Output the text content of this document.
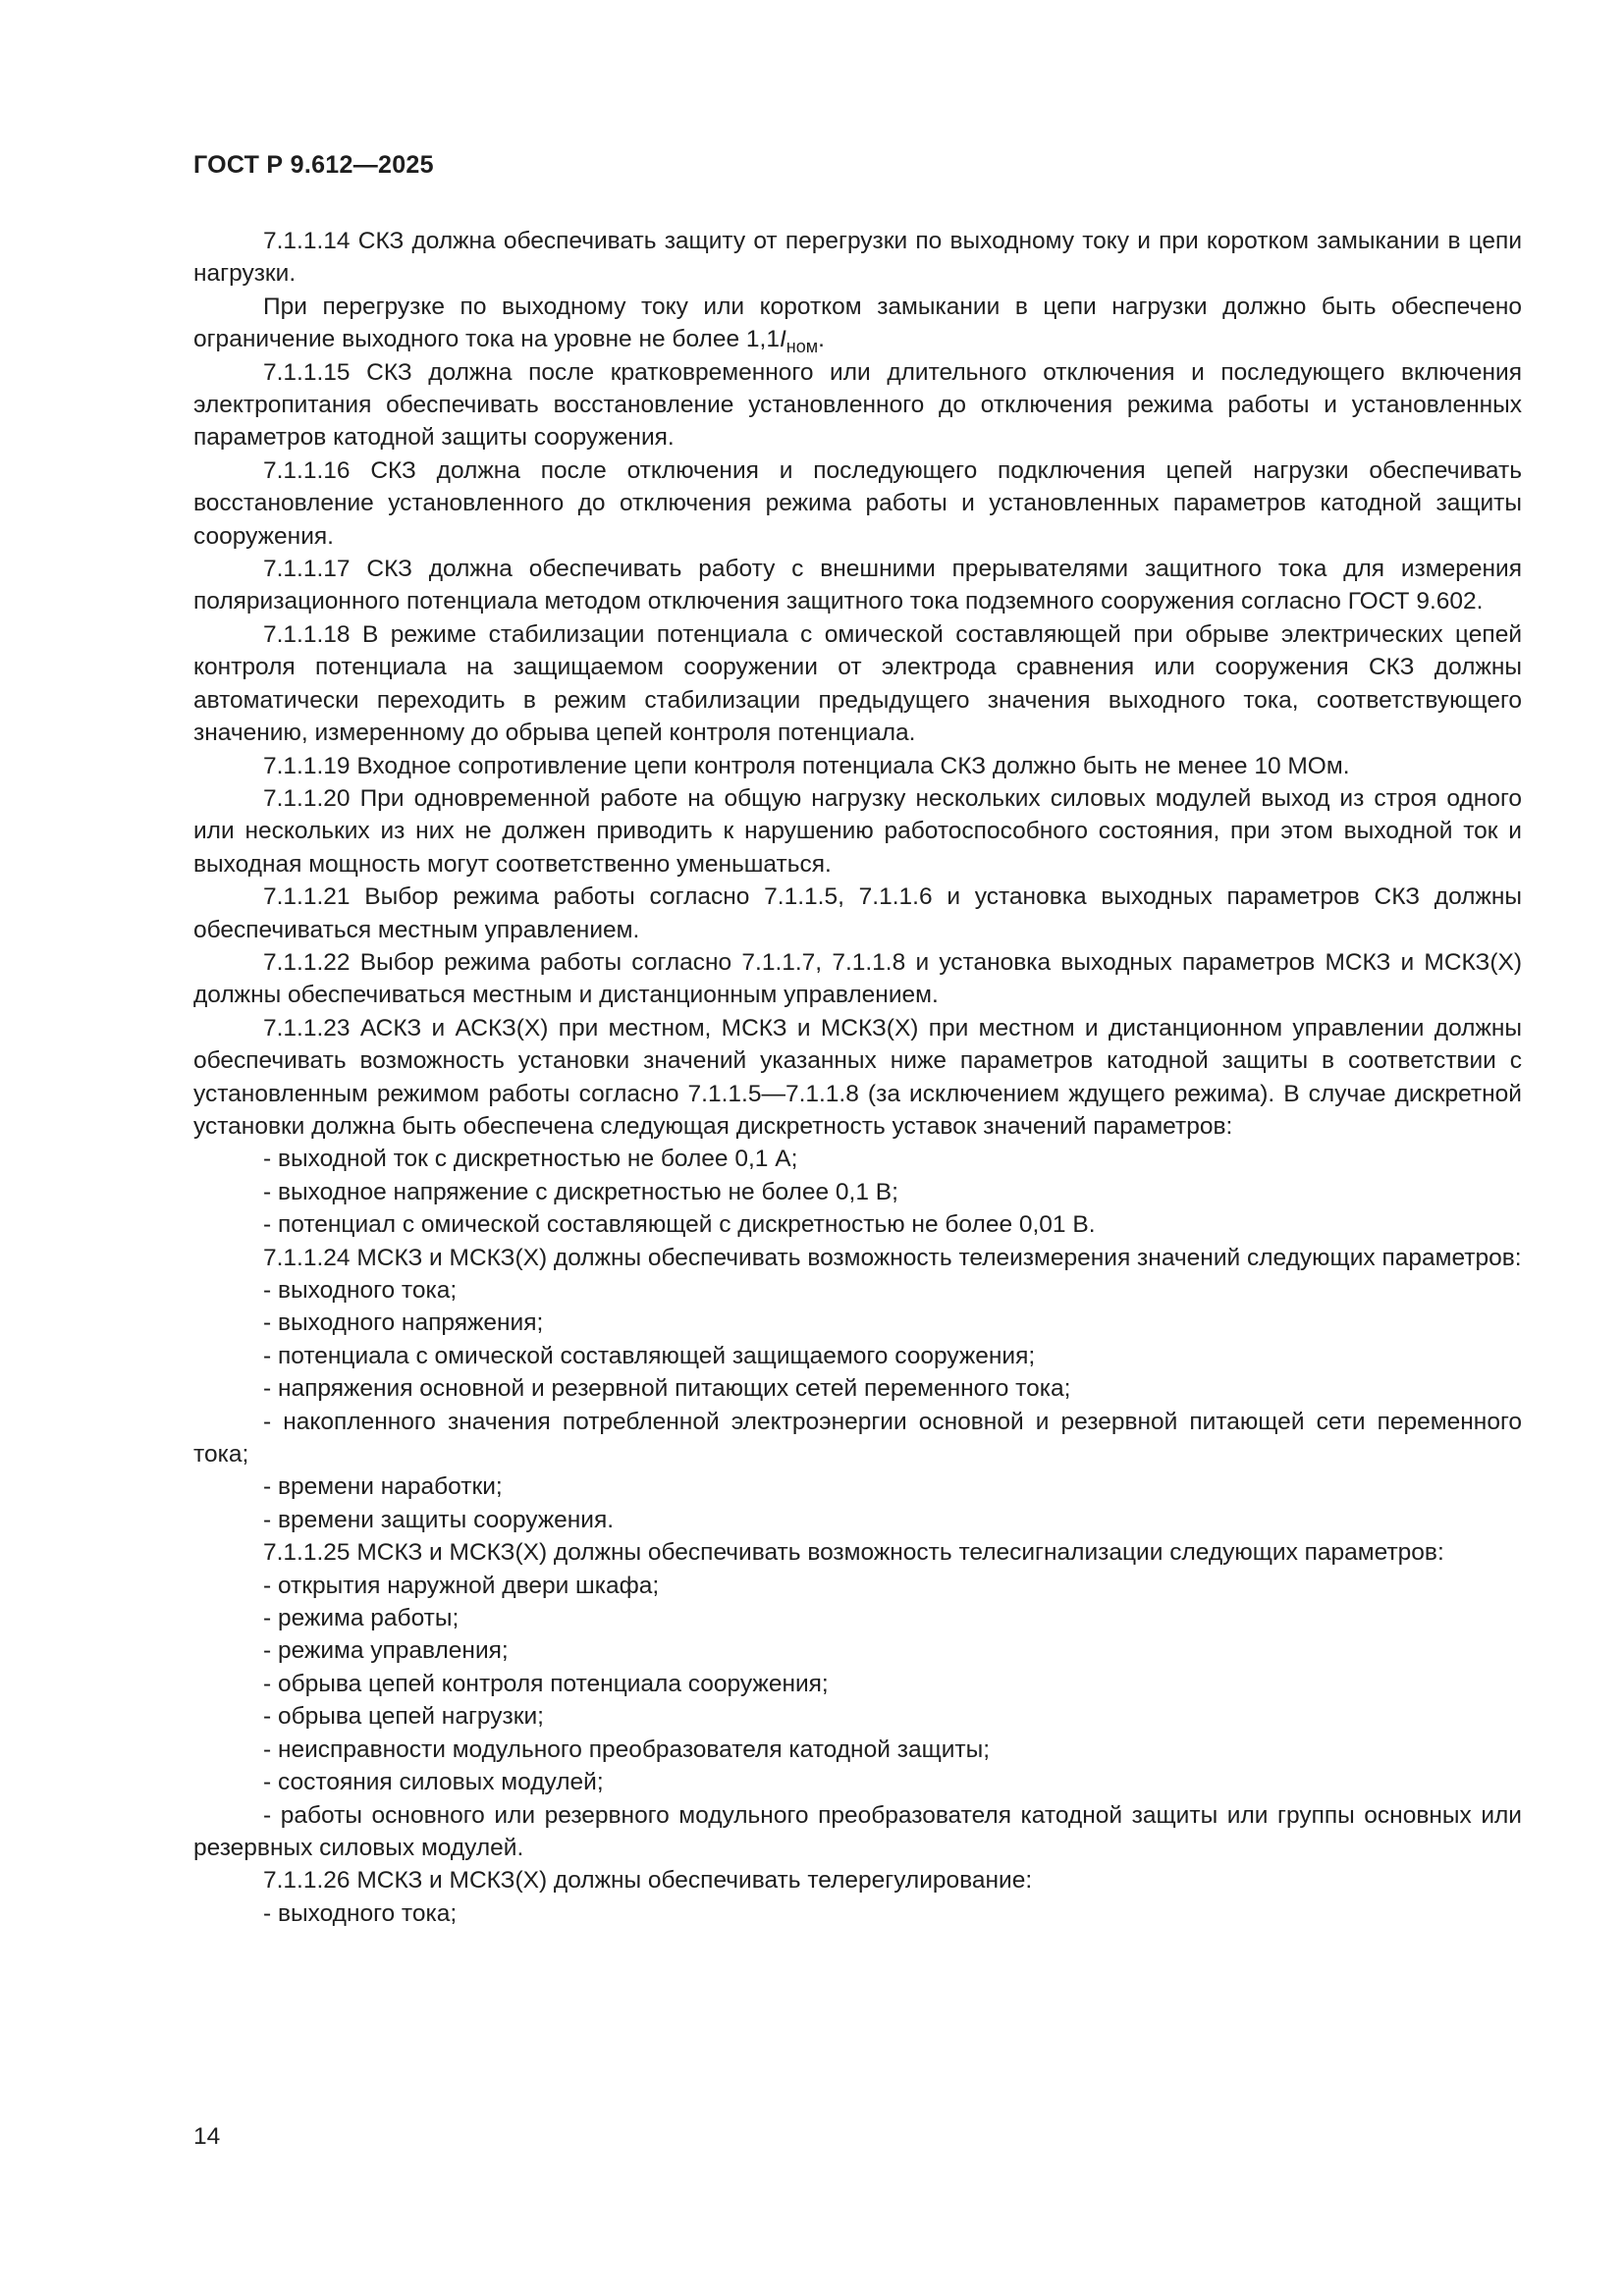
ГОСТ Р 9.612—2025

7.1.1.14 СКЗ должна обеспечивать защиту от перегрузки по выходному току и при коротком замыкании в цепи нагрузки.

При перегрузке по выходному току или коротком замыкании в цепи нагрузки должно быть обеспечено ограничение выходного тока на уровне не более $1,1I_{ном}$.

7.1.1.15 СКЗ должна после кратковременного или длительного отключения и последующего включения электропитания обеспечивать восстановление установленного до отключения режима работы и установленных параметров катодной защиты сооружения.

7.1.1.16 СКЗ должна после отключения и последующего подключения цепей нагрузки обеспечивать восстановление установленного до отключения режима работы и установленных параметров катодной защиты сооружения.

7.1.1.17 СКЗ должна обеспечивать работу с внешними прерывателями защитного тока для измерения поляризационного потенциала методом отключения защитного тока подземного сооружения согласно ГОСТ 9.602.

7.1.1.18 В режиме стабилизации потенциала с омической составляющей при обрыве электрических цепей контроля потенциала на защищаемом сооружении от электрода сравнения или сооружения СКЗ должны автоматически переходить в режим стабилизации предыдущего значения выходного тока, соответствующего значению, измеренному до обрыва цепей контроля потенциала.

7.1.1.19 Входное сопротивление цепи контроля потенциала СКЗ должно быть не менее 10 МОм.

7.1.1.20 При одновременной работе на общую нагрузку нескольких силовых модулей выход из строя одного или нескольких из них не должен приводить к нарушению работоспособного состояния, при этом выходной ток и выходная мощность могут соответственно уменьшаться.

7.1.1.21 Выбор режима работы согласно 7.1.1.5, 7.1.1.6 и установка выходных параметров СКЗ должны обеспечиваться местным управлением.

7.1.1.22 Выбор режима работы согласно 7.1.1.7, 7.1.1.8 и установка выходных параметров МСКЗ и МСКЗ(X) должны обеспечиваться местным и дистанционным управлением.

7.1.1.23 АСКЗ и АСКЗ(X) при местном, МСКЗ и МСКЗ(X) при местном и дистанционном управлении должны обеспечивать возможность установки значений указанных ниже параметров катодной защиты в соответствии с установленным режимом работы согласно 7.1.1.5—7.1.1.8 (за исключением ждущего режима). В случае дискретной установки должна быть обеспечена следующая дискретность уставок значений параметров:

- выходной ток с дискретностью не более 0,1 А;

- выходное напряжение с дискретностью не более 0,1 В;

- потенциал с омической составляющей с дискретностью не более 0,01 В.

7.1.1.24 МСКЗ и МСКЗ(X) должны обеспечивать возможность телеизмерения значений следующих параметров:

- выходного тока;

- выходного напряжения;

- потенциала с омической составляющей защищаемого сооружения;

- напряжения основной и резервной питающих сетей переменного тока;

- накопленного значения потребленной электроэнергии основной и резервной питающей сети переменного тока;

- времени наработки;

- времени защиты сооружения.

7.1.1.25 МСКЗ и МСКЗ(X) должны обеспечивать возможность телесигнализации следующих параметров:

- открытия наружной двери шкафа;

- режима работы;

- режима управления;

- обрыва цепей контроля потенциала сооружения;

- обрыва цепей нагрузки;

- неисправности модульного преобразователя катодной защиты;

- состояния силовых модулей;

- работы основного или резервного модульного преобразователя катодной защиты или группы основных или резервных силовых модулей.

7.1.1.26 МСКЗ и МСКЗ(X) должны обеспечивать телерегулирование:

- выходного тока;

14
